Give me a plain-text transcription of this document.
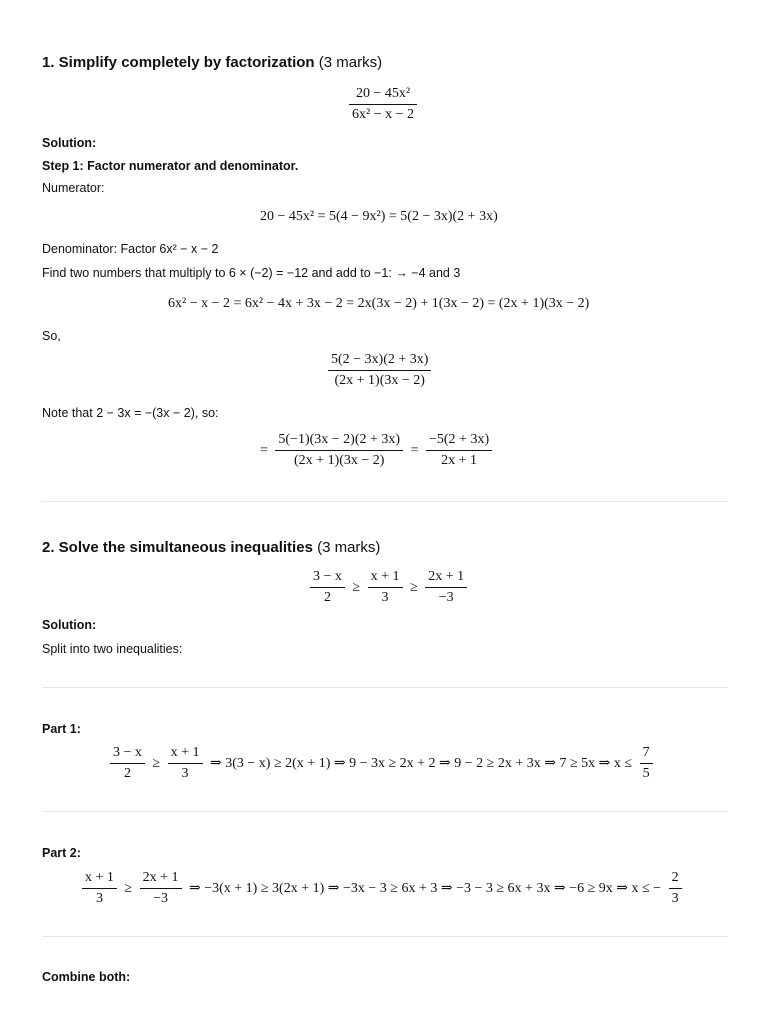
1. Simplify completely by factorization (3 marks)
$\frac{\text{20 − 45x²}}{\text{6x² − x − 2}}$
Solution:
Step 1: Factor numerator and denominator.
Numerator:
20 − 45x² = 5(4 − 9x²) = 5(2 − 3x)(2 + 3x)
Denominator: Factor 6x² − x − 2
Find two numbers that multiply to 6 × (−2) = −12 and add to −1: → −4 and 3
6x² − x − 2 = 6x² − 4x + 3x − 2 = 2x(3x − 2) + 1(3x − 2) = (2x + 1)(3x − 2)
So,
$\frac{5(2 - 3x)(2 + 3x)}{(2x + 1)(3x - 2)}$
Note that 2 − 3x = −(3x − 2), so:
= $\frac{5(-1)(3x - 2)(2 + 3x)}{(2x + 1)(3x - 2)} = \frac{-5(2 + 3x)}{2x + 1}$
2. Solve the simultaneous inequalities (3 marks)
$\frac{3 - x}{2} \ge \frac{x + 1}{3} \ge \frac{2x + 1}{-3}$
Solution:
Split into two inequalities:
Part 1:
$\frac{3 - x}{2} \ge \frac{x + 1}{3}$ ⇒ 3(3 − x) ≥ 2(x + 1) ⇒ 9 − 3x ≥ 2x + 2 ⇒ 9 − 2 ≥ 2x + 3x ⇒ 7 ≥ 5x ⇒ $x \le \frac{7}{5}$
Part 2:
$\frac{x + 1}{3} \ge \frac{2x + 1}{-3}$ ⇒ −3(x + 1) ≥ 3(2x + 1) ⇒ −3x − 3 ≥ 6x + 3 ⇒ −3 − 3 ≥ 6x + 3x ⇒ −6 ≥ 9x ⇒ x ≤ − $\frac{2}{3}$
Combine both:
